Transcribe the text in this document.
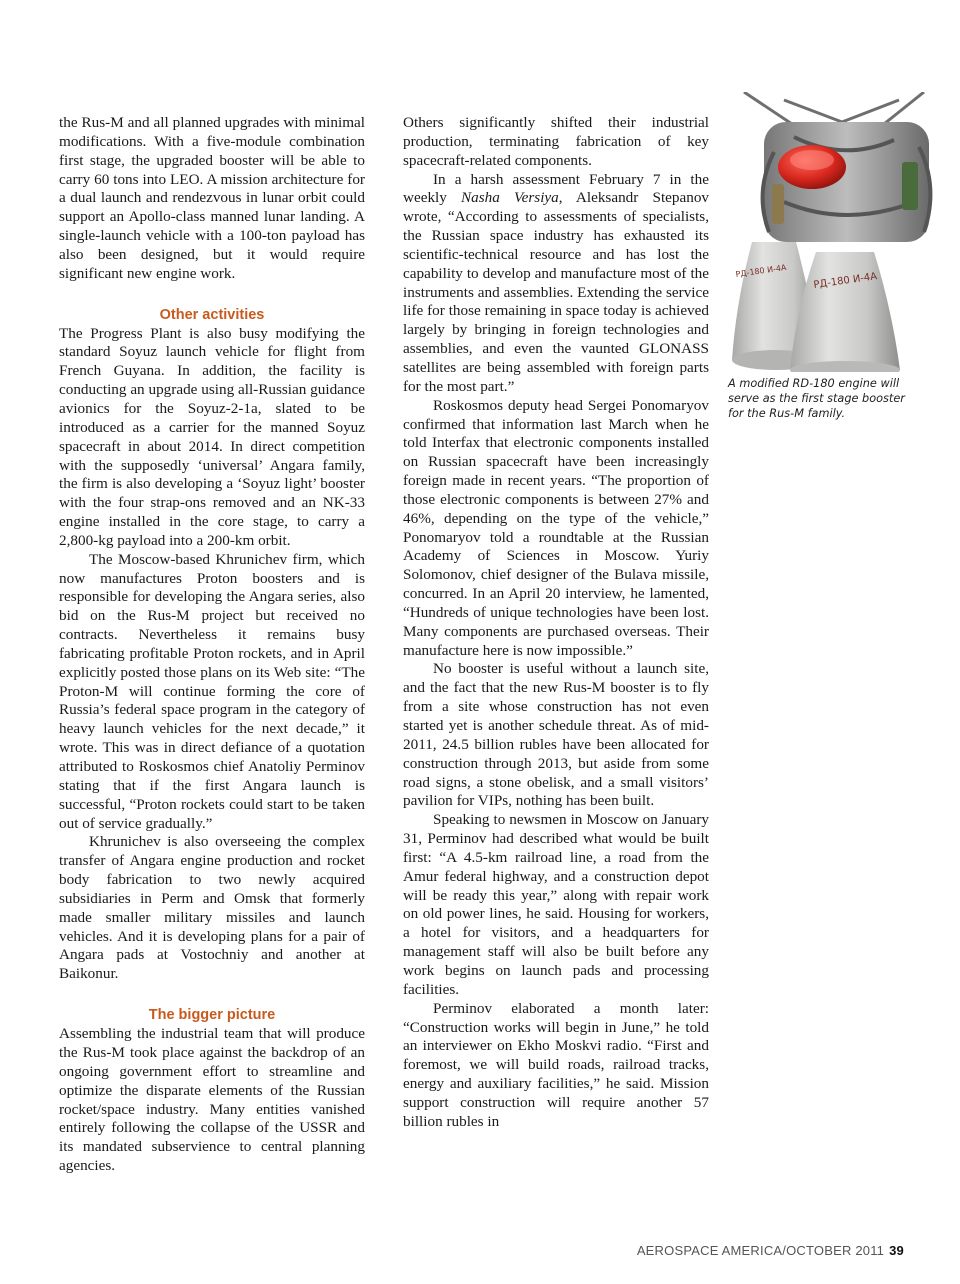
the Rus-M and all planned upgrades with minimal modifications. With a five-module combination first stage, the upgraded booster will be able to carry 60 tons into LEO. A mission architecture for a dual launch and rendezvous in lunar orbit could support an Apollo-class manned lunar landing. A single-launch vehicle with a 100-ton payload has also been designed, but it would require significant new engine work.

Other activities

The Progress Plant is also busy modifying the standard Soyuz launch vehicle for flight from French Guyana. In addition, the facility is conducting an upgrade using all-Russian guidance avionics for the Soyuz-2-1a, slated to be introduced as a carrier for the manned Soyuz spacecraft in about 2014. In direct competition with the supposedly ‘universal’ Angara family, the firm is also developing a ‘Soyuz light’ booster with the four strap-ons removed and an NK-33 engine installed in the core stage, to carry a 2,800-kg payload into a 200-km orbit.

The Moscow-based Khrunichev firm, which now manufactures Proton boosters and is responsible for developing the Angara series, also bid on the Rus-M project but received no contracts. Nevertheless it remains busy fabricating profitable Proton rockets, and in April explicitly posted those plans on its Web site: “The Proton-M will continue forming the core of Russia’s federal space program in the category of heavy launch vehicles for the next decade,” it wrote. This was in direct defiance of a quotation attributed to Roskosmos chief Anatoliy Perminov stating that if the first Angara launch is successful, “Proton rockets could start to be taken out of service gradually.”

Khrunichev is also overseeing the complex transfer of Angara engine production and rocket body fabrication to two newly acquired subsidiaries in Perm and Omsk that formerly made smaller military missiles and launch vehicles. And it is developing plans for a pair of Angara pads at Vostochniy and another at Baikonur.

The bigger picture

Assembling the industrial team that will produce the Rus-M took place against the backdrop of an ongoing government effort to streamline and optimize the disparate elements of the Russian rocket/space industry. Many entities vanished entirely following the collapse of the USSR and its mandated subservience to central planning agencies.

Others significantly shifted their industrial production, terminating fabrication of key spacecraft-related components.

In a harsh assessment February 7 in the weekly Nasha Versiya, Aleksandr Stepanov wrote, “According to assessments of specialists, the Russian space industry has exhausted its scientific-technical resource and has lost the capability to develop and manufacture most of the instruments and assemblies. Extending the service life for those remaining in space today is achieved largely by bringing in foreign technologies and assemblies, and even the vaunted GLONASS satellites are being assembled with foreign parts for the most part.”

Roskosmos deputy head Sergei Ponomaryov confirmed that information last March when he told Interfax that electronic components installed on Russian spacecraft have been increasingly foreign made in recent years. “The proportion of those electronic components is between 27% and 46%, depending on the type of the vehicle,” Ponomaryov told a roundtable at the Russian Academy of Sciences in Moscow. Yuriy Solomonov, chief designer of the Bulava missile, concurred. In an April 20 interview, he lamented, “Hundreds of unique technologies have been lost. Many components are purchased overseas. Their manufacture here is now impossible.”

No booster is useful without a launch site, and the fact that the new Rus-M booster is to fly from a site whose construction has not even started yet is another schedule threat. As of mid-2011, 24.5 billion rubles have been allocated for construction through 2013, but aside from some road signs, a stone obelisk, and a small visitors’ pavilion for VIPs, nothing has been built.

Speaking to newsmen in Moscow on January 31, Perminov had described what would be built first: “A 4.5-km railroad line, a road from the Amur federal highway, and a construction depot will be ready this year,” along with repair work on old power lines, he said. Housing for workers, a hotel for visitors, and a headquarters for management staff will also be built before any work begins on launch pads and processing facilities.

Perminov elaborated a month later: “Construction works will begin in June,” he told an interviewer on Ekho Moskvi radio. “First and foremost, we will build roads, railroad tracks, energy and auxiliary facilities,” he said. Mission support construction will require another 57 billion rubles in

РД-180 И-4А
РД-180 И-4А
A modified RD-180 engine will serve as the first stage booster for the Rus-M family.
AEROSPACE AMERICA/OCTOBER 2011 39
